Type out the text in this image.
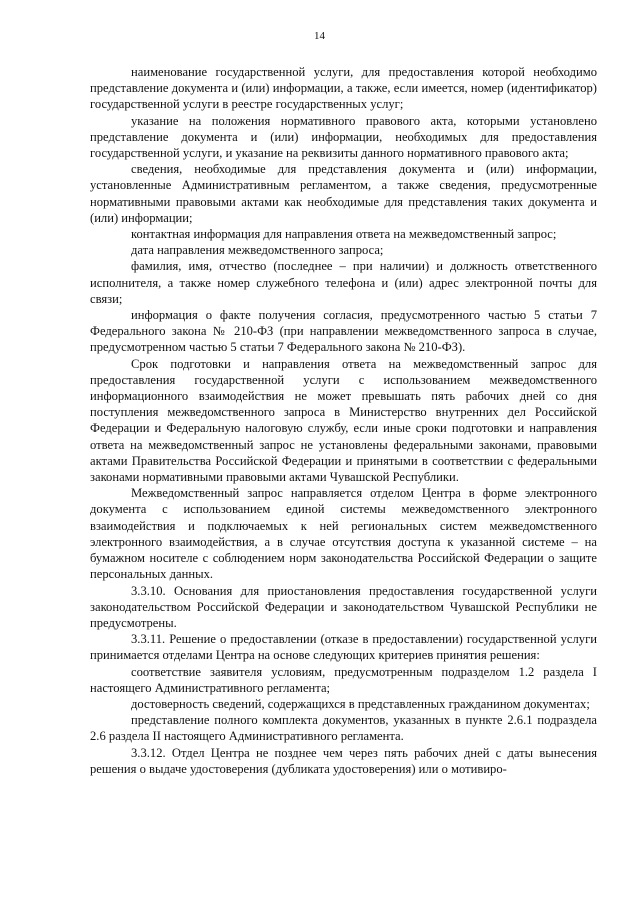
14

наименование государственной услуги, для предоставления которой необходимо представление документа и (или) информации, а также, если имеется, номер (идентификатор) государственной услуги в реестре государственных услуг;

указание на положения нормативного правового акта, которыми установлено представление документа и (или) информации, необходимых для предоставления государственной услуги, и указание на реквизиты данного нормативного правового акта;

сведения, необходимые для представления документа и (или) информации, установленные Административным регламентом, а также сведения, предусмотренные нормативными правовыми актами как необходимые для представления таких документа и (или) информации;

контактная информация для направления ответа на межведомственный запрос;

дата направления межведомственного запроса;

фамилия, имя, отчество (последнее – при наличии) и должность ответственного исполнителя, а также номер служебного телефона и (или) адрес электронной почты для связи;

информация о факте получения согласия, предусмотренного частью 5 статьи 7 Федерального закона № 210-ФЗ (при направлении межведомственного запроса в случае, предусмотренном частью 5 статьи 7 Федерального закона № 210-ФЗ).

Срок подготовки и направления ответа на межведомственный запрос для предоставления государственной услуги с использованием межведомственного информационного взаимодействия не может превышать пять рабочих дней со дня поступления межведомственного запроса в Министерство внутренних дел Российской Федерации и Федеральную налоговую службу, если иные сроки подготовки и направления ответа на межведомственный запрос не установлены федеральными законами, правовыми актами Правительства Российской Федерации и принятыми в соответствии с федеральными законами нормативными правовыми актами Чувашской Республики.

Межведомственный запрос направляется отделом Центра в форме электронного документа с использованием единой системы межведомственного электронного взаимодействия и подключаемых к ней региональных систем межведомственного электронного взаимодействия, а в случае отсутствия доступа к указанной системе – на бумажном носителе с соблюдением норм законодательства Российской Федерации о защите персональных данных.

3.3.10. Основания для приостановления предоставления государственной услуги законодательством Российской Федерации и законодательством Чувашской Республики не предусмотрены.

3.3.11. Решение о предоставлении (отказе в предоставлении) государственной услуги принимается отделами Центра на основе следующих критериев принятия решения:

соответствие заявителя условиям, предусмотренным подразделом 1.2 раздела I настоящего Административного регламента;

достоверность сведений, содержащихся в представленных гражданином документах;

представление полного комплекта документов, указанных в пункте 2.6.1 подраздела 2.6 раздела II настоящего Административного регламента.

3.3.12. Отдел Центра не позднее чем через пять рабочих дней с даты вынесения решения о выдаче удостоверения (дубликата удостоверения) или о мотивиро-
